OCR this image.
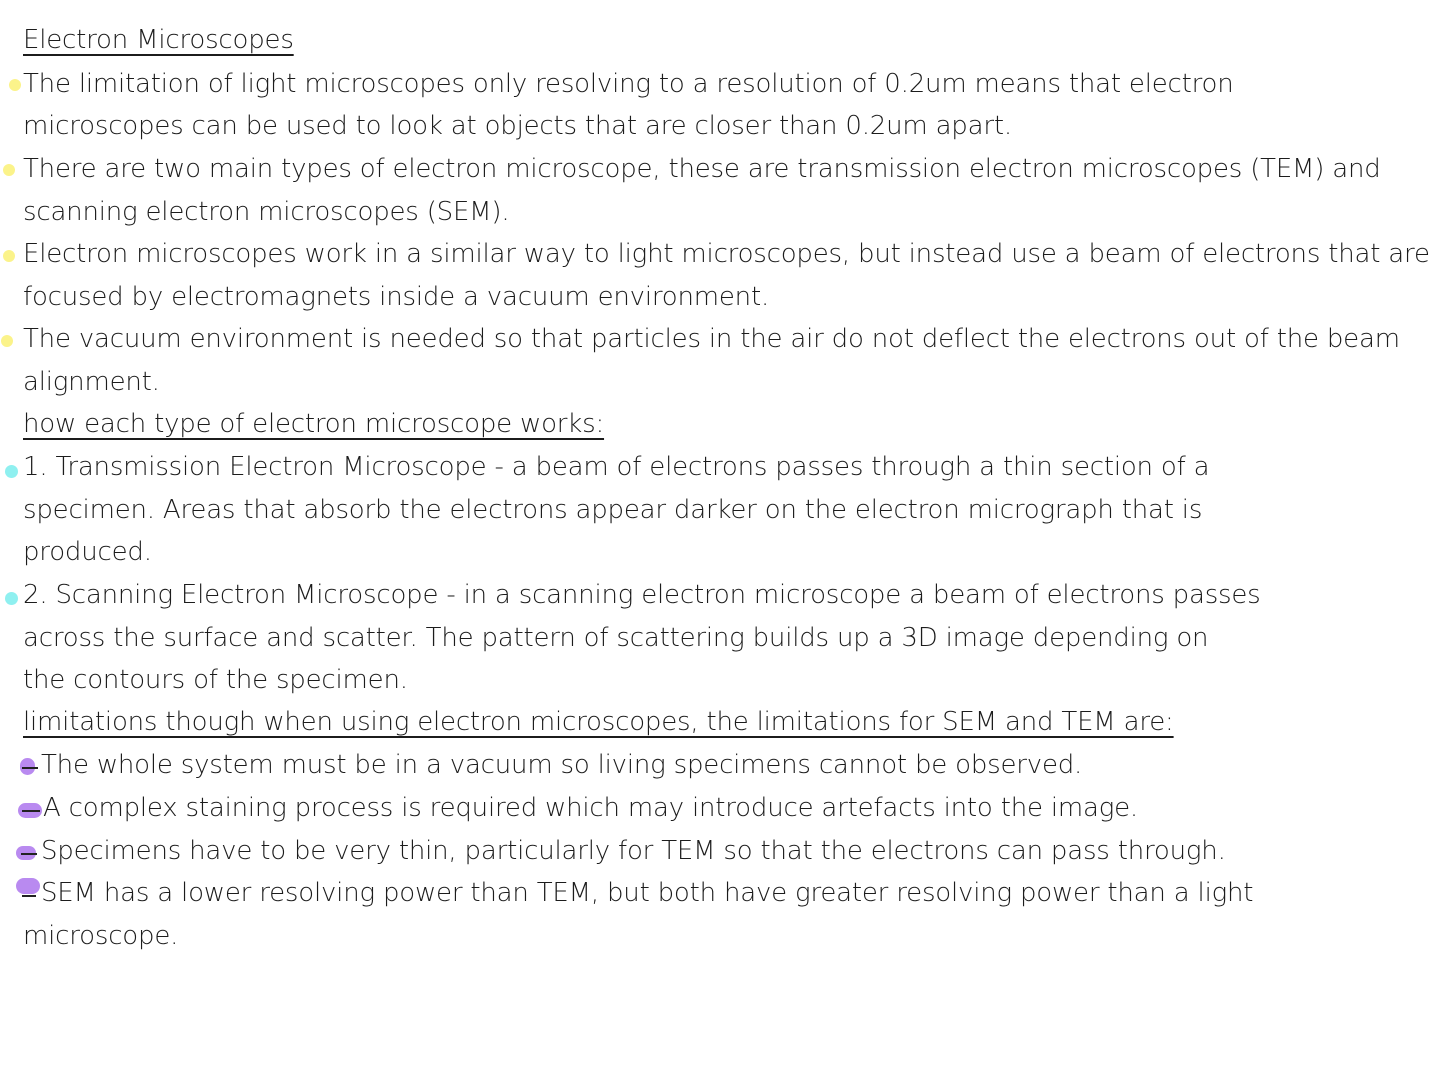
Electron Microscopes
The limitation of light microscopes only resolving to a resolution of 0.2um means that electron
microscopes can be used to look at objects that are closer than 0.2um apart.
There are two main types of electron microscope, these are transmission electron microscopes (TEM) and
scanning electron microscopes (SEM).
Electron microscopes work in a similar way to light microscopes, but instead use a beam of electrons that are
focused by electromagnets inside a vacuum environment.
The vacuum environment is needed so that particles in the air do not deflect the electrons out of the beam
alignment.
how each type of electron microscope works:
1. Transmission Electron Microscope - a beam of electrons passes through a thin section of a
specimen. Areas that absorb the electrons appear darker on the electron micrograph that is
produced.
2. Scanning Electron Microscope - in a scanning electron microscope a beam of electrons passes
across the surface and scatter. The pattern of scattering builds up a 3D image depending on
the contours of the specimen.
limitations though when using electron microscopes, the limitations for SEM and TEM are:
The whole system must be in a vacuum so living specimens cannot be observed.
A complex staining process is required which may introduce artefacts into the image.
Specimens have to be very thin, particularly for TEM so that the electrons can pass through.
SEM has a lower resolving power than TEM, but both have greater resolving power than a light
microscope.
